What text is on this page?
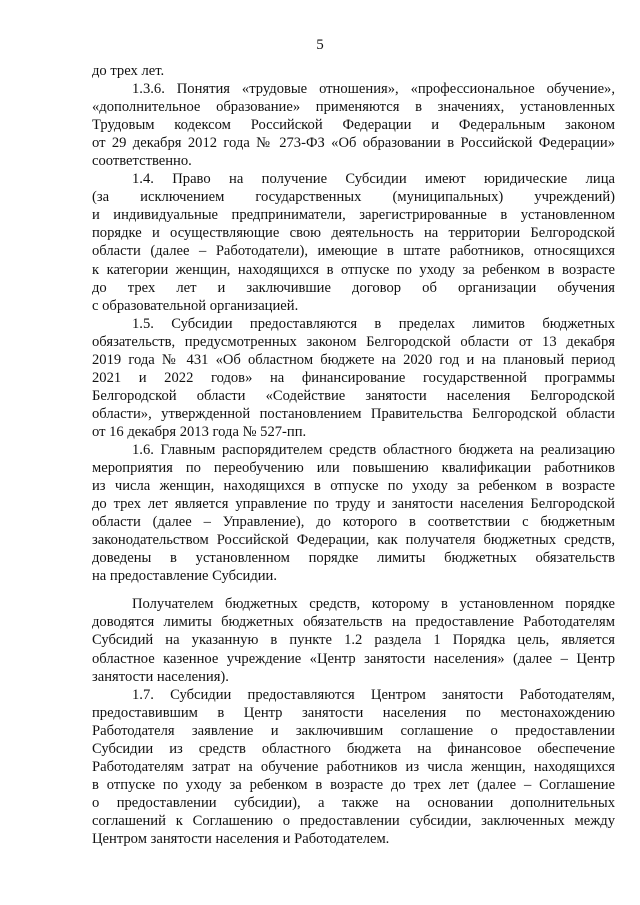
5
до трех лет.
1.3.6. Понятия «трудовые отношения», «профессиональное обучение»,
«дополнительное образование» применяются в значениях, установленных
Трудовым кодексом Российской Федерации и Федеральным законом
от 29 декабря 2012 года № 273-ФЗ «Об образовании в Российской Федерации»
соответственно.
1.4. Право на получение Субсидии имеют юридические лица
(за исключением государственных (муниципальных) учреждений)
и индивидуальные предприниматели, зарегистрированные в установленном
порядке и осуществляющие свою деятельность на территории Белгородской
области (далее – Работодатели), имеющие в штате работников, относящихся
к категории женщин, находящихся в отпуске по уходу за ребенком в возрасте
до трех лет и заключившие договор об организации обучения
с образовательной организацией.
1.5. Субсидии предоставляются в пределах лимитов бюджетных
обязательств, предусмотренных законом Белгородской области от 13 декабря
2019 года № 431 «Об областном бюджете на 2020 год и на плановый период
2021 и 2022 годов» на финансирование государственной программы
Белгородской области «Содействие занятости населения Белгородской
области», утвержденной постановлением Правительства Белгородской области
от 16 декабря 2013 года № 527-пп.
1.6. Главным распорядителем средств областного бюджета на реализацию
мероприятия по переобучению или повышению квалификации работников
из числа женщин, находящихся в отпуске по уходу за ребенком в возрасте
до трех лет является управление по труду и занятости населения Белгородской
области (далее – Управление), до которого в соответствии с бюджетным
законодательством Российской Федерации, как получателя бюджетных средств,
доведены в установленном порядке лимиты бюджетных обязательств
на предоставление Субсидии.
Получателем бюджетных средств, которому в установленном порядке
доводятся лимиты бюджетных обязательств на предоставление Работодателям
Субсидий на указанную в пункте 1.2 раздела 1 Порядка цель, является
областное казенное учреждение «Центр занятости населения» (далее – Центр
занятости населения).
1.7. Субсидии предоставляются Центром занятости Работодателям,
предоставившим в Центр занятости населения по местонахождению
Работодателя заявление и заключившим соглашение о предоставлении
Субсидии из средств областного бюджета на финансовое обеспечение
Работодателям затрат на обучение работников из числа женщин, находящихся
в отпуске по уходу за ребенком в возрасте до трех лет (далее – Соглашение
о предоставлении субсидии), а также на основании дополнительных
соглашений к Соглашению о предоставлении субсидии, заключенных между
Центром занятости населения и Работодателем.
